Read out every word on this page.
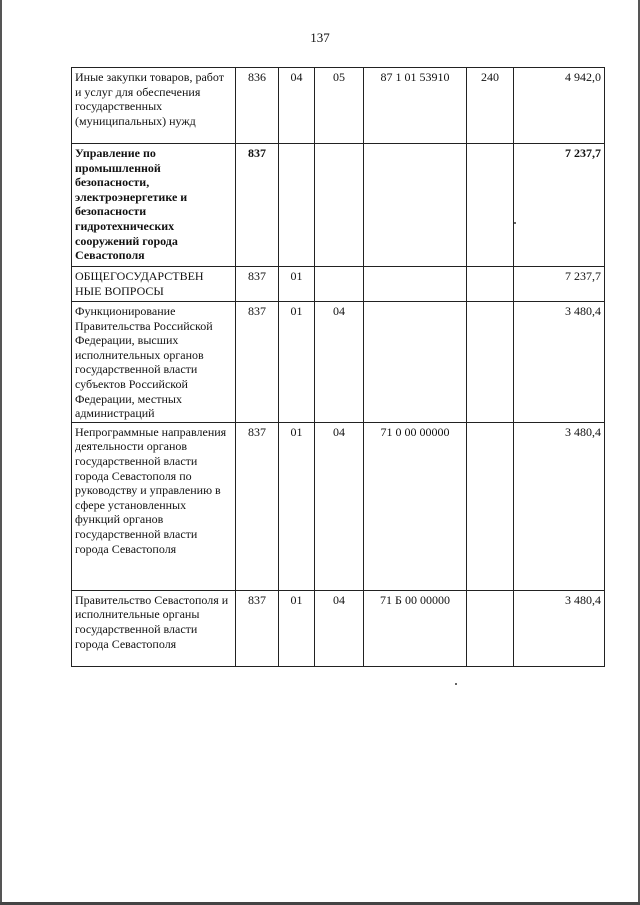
137
Иные закупки товаров, работ и услуг для обеспечения государственных (муниципальных) нужд	836	04	05	87 1 01 53910	240	4 942,0
Управление по промышленной безопасности, электроэнергетике и безопасности гидротехнических сооружений города Севастополя	837					7 237,7
ОБЩЕГОСУДАРСТВЕН НЫЕ ВОПРОСЫ	837	01				7 237,7
Функционирование Правительства Российской Федерации, высших исполнительных органов государственной власти субъектов Российской Федерации, местных администраций	837	01	04			3 480,4
Непрограммные направления деятельности органов государственной власти города Севастополя по руководству и управлению в сфере установленных функций органов государственной власти города Севастополя	837	01	04	71 0 00 00000		3 480,4
Правительство Севастополя и исполнительные органы государственной власти города Севастополя	837	01	04	71 Б 00 00000		3 480,4
